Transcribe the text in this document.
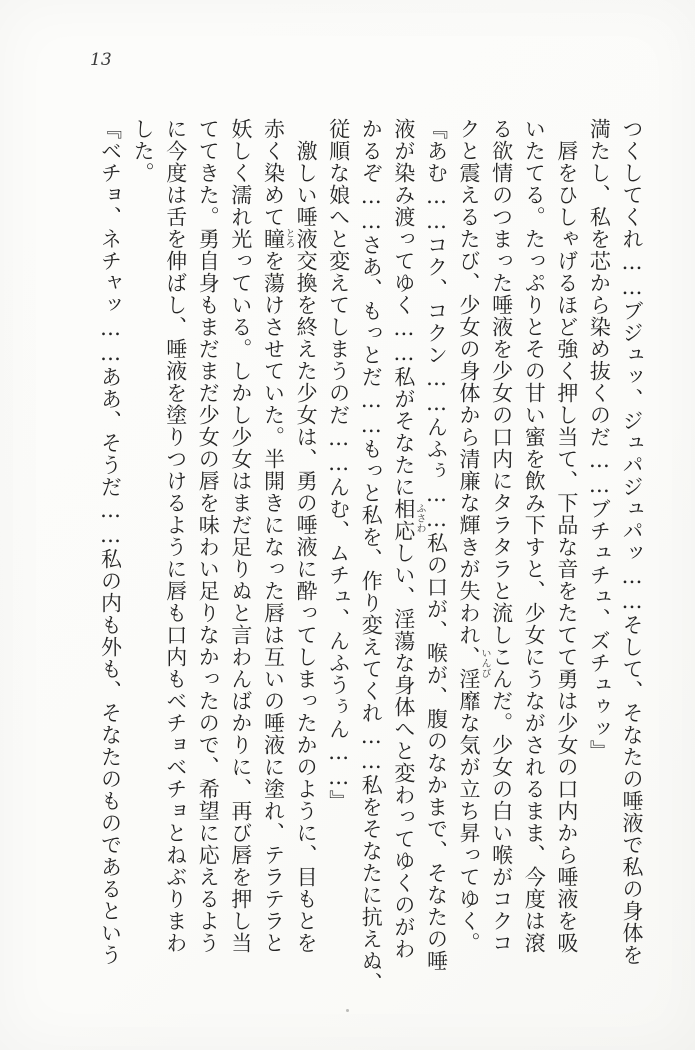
13
つくしてくれ……ブジュッ、ジュパジュパッ……そして、そなたの唾液で私の身体を
満たし、私を芯から染め抜くのだ……ブチュチュ、ズチュゥッ』
　唇をひしゃげるほど強く押し当て、下品な音をたてて勇は少女の口内から唾液を吸
いたてる。たっぷりとその甘い蜜を飲み下すと、少女にうながされるまま、今度は滾
る欲情のつまった唾液を少女の口内にタラタラと流しこんだ。少女の白い喉がコクコ
クと震えるたび、少女の身体から清廉な輝きが失われ、淫靡な気が立ち昇ってゆく。
『あむ……コク、コクン……んふぅ……私の口が、喉が、腹のなかまで、そなたの唾
液が染み渡ってゆく……私がそなたに相応しい、淫蕩な身体へと変わってゆくのがわ
かるぞ……さあ、もっとだ……もっと私を、作り変えてくれ……私をそなたに抗えぬ、
従順な娘へと変えてしまうのだ……んむ、ムチュ、んふうぅん……』
　激しい唾液交換を終えた少女は、勇の唾液に酔ってしまったかのように、目もとを
赤く染めて瞳を蕩けさせていた。半開きになった唇は互いの唾液に塗れ、テラテラと
妖しく濡れ光っている。しかし少女はまだ足りぬと言わんばかりに、再び唇を押し当
ててきた。勇自身もまだまだ少女の唇を味わい足りなかったので、希望に応えるよう
に今度は舌を伸ばし、唾液を塗りつけるように唇も口内もベチョベチョとねぶりまわ
した。
『ベチョ、ネチャッ……ああ、そうだ……私の内も外も、そなたのものであるという	いんび
ふさわ
とろ
